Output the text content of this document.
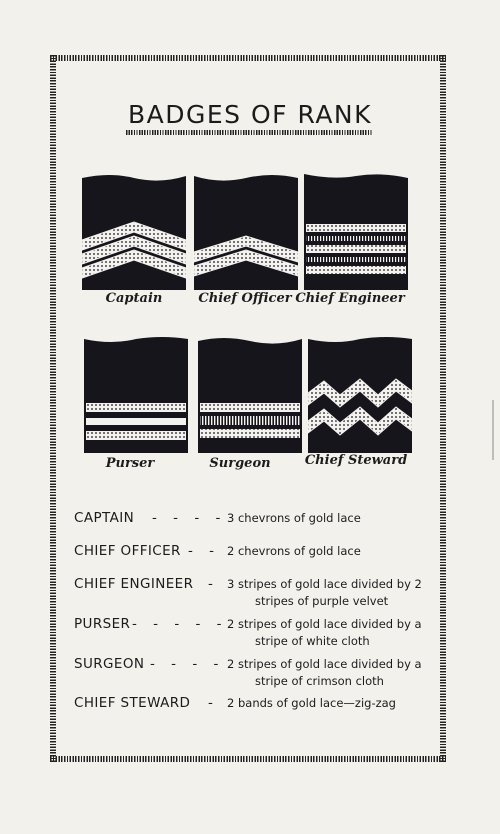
BADGES OF RANK
Captain	Chief Officer Chief Engineer
Purser	Surgeon	Chief Steward
CAPTAIN - - - - 3 chevrons of gold lace
CHIEF OFFICER - - 2 chevrons of gold lace
CHIEF ENGINEER - 3 stripes of gold lace divided by 2
stripes of purple velvet
PURSER - - - - - 2 stripes of gold lace divided by a
stripe of white cloth
SURGEON - - - - 2 stripes of gold lace divided by a
stripe of crimson cloth
CHIEF STEWARD - 2 bands of gold lace—zig-zag
